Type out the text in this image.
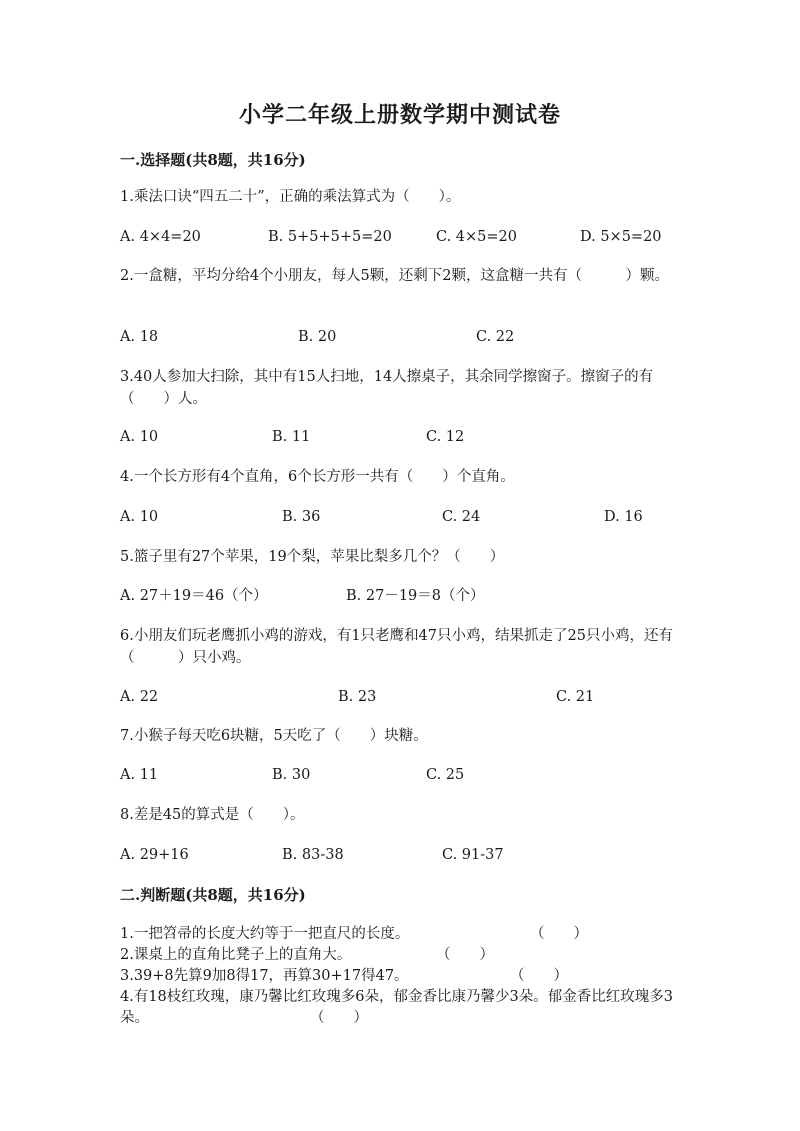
小学二年级上册数学期中测试卷
一.选择题(共8题，共16分)

1.乘法口诀“四五二十”，正确的乘法算式为（　　）。

A. 4×4=20	B. 5+5+5+5=20	C. 4×5=20	D. 5×5=20

2.一盒糖，平均分给4个小朋友，每人5颗，还剩下2颗，这盒糖一共有（　　　）颗。

A. 18	B. 20	C. 22

3.40人参加大扫除，其中有15人扫地，14人擦桌子，其余同学擦窗子。擦窗子的有（　　）人。

A. 10	B. 11	C. 12

4.一个长方形有4个直角，6个长方形一共有（　　）个直角。

A. 10	B. 36	C. 24	D. 16

5.篮子里有27个苹果，19个梨，苹果比梨多几个？（　　）

A. 27＋19＝46（个）	B. 27－19＝8（个）

6.小朋友们玩老鹰抓小鸡的游戏，有1只老鹰和47只小鸡，结果抓走了25只小鸡，还有（　　　）只小鸡。

A. 22	B. 23	C. 21

7.小猴子每天吃6块糖，5天吃了（　　）块糖。

A. 11	B. 30	C. 25

8.差是45的算式是（　　）。

A. 29+16	B. 83-38	C. 91-37
二.判断题(共8题，共16分)

1.一把笤帚的长度大约等于一把直尺的长度。	（　　）

2.课桌上的直角比凳子上的直角大。	（　　）

3.39+8先算9加8得17，再算30+17得47。	（　　）

4.有18枝红玫瑰，康乃馨比红玫瑰多6朵，郁金香比康乃馨少3朵。郁金香比红玫瑰多3朵。	（　　）
